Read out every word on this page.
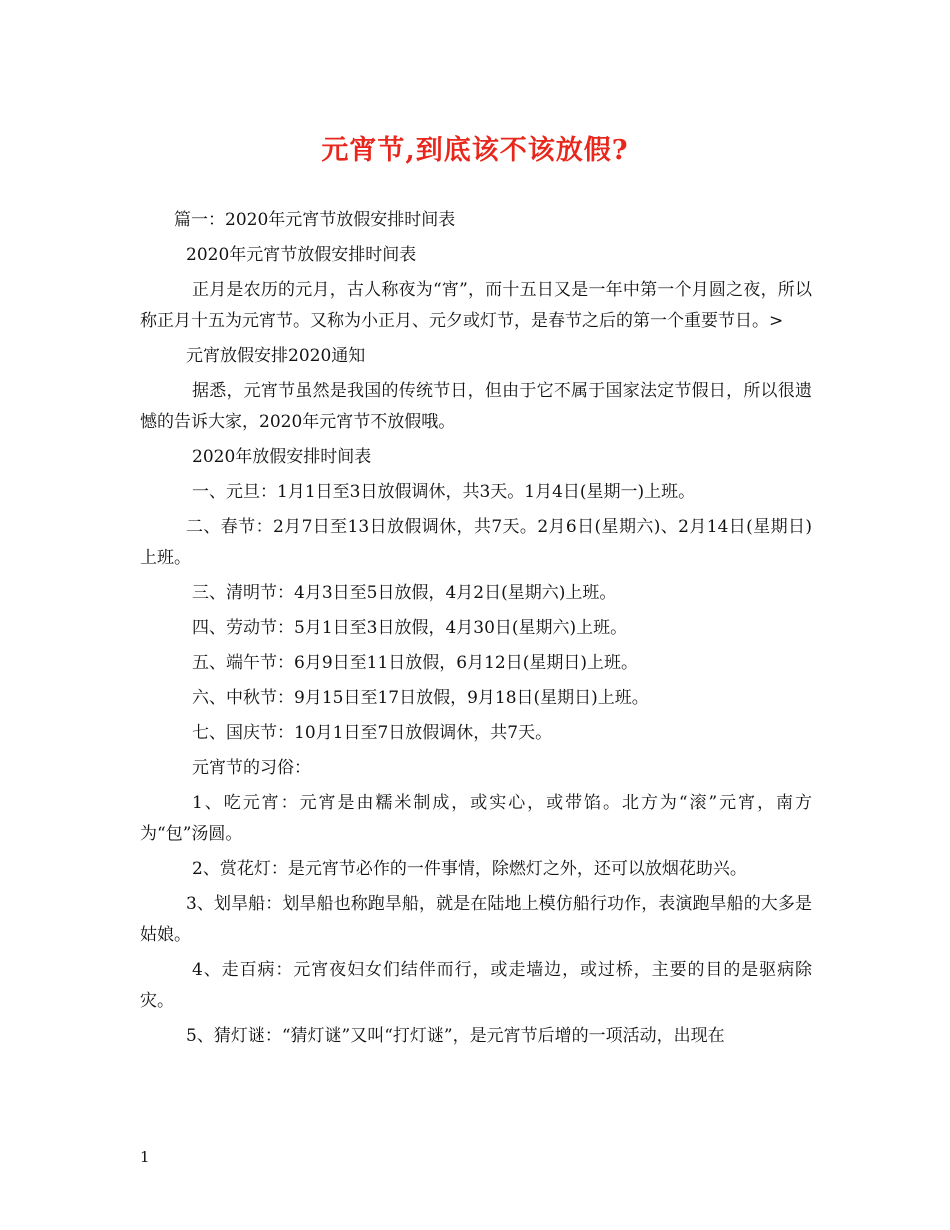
元宵节,到底该不该放假?

篇一：2020年元宵节放假安排时间表

2020年元宵节放假安排时间表

正月是农历的元月，古人称夜为“宵”，而十五日又是一年中第一个月圆之夜，所以称正月十五为元宵节。又称为小正月、元夕或灯节，是春节之后的第一个重要节日。>

元宵放假安排2020通知

据悉，元宵节虽然是我国的传统节日，但由于它不属于国家法定节假日，所以很遗憾的告诉大家，2020年元宵节不放假哦。

2020年放假安排时间表

一、元旦：1月1日至3日放假调休，共3天。1月4日(星期一)上班。

二、春节：2月7日至13日放假调休，共7天。2月6日(星期六)、2月14日(星期日)上班。

三、清明节：4月3日至5日放假，4月2日(星期六)上班。

四、劳动节：5月1日至3日放假，4月30日(星期六)上班。

五、端午节：6月9日至11日放假，6月12日(星期日)上班。

六、中秋节：9月15日至17日放假，9月18日(星期日)上班。

七、国庆节：10月1日至7日放假调休，共7天。

元宵节的习俗：

1、吃元宵：元宵是由糯米制成，或实心，或带馅。北方为“滚”元宵，南方为“包”汤圆。

2、赏花灯：是元宵节必作的一件事情，除燃灯之外，还可以放烟花助兴。

3、划旱船：划旱船也称跑旱船，就是在陆地上模仿船行功作，表演跑旱船的大多是姑娘。

4、走百病：元宵夜妇女们结伴而行，或走墙边，或过桥，主要的目的是驱病除灾。

5、猜灯谜：“猜灯谜”又叫“打灯谜”，是元宵节后增的一项活动，出现在

1
